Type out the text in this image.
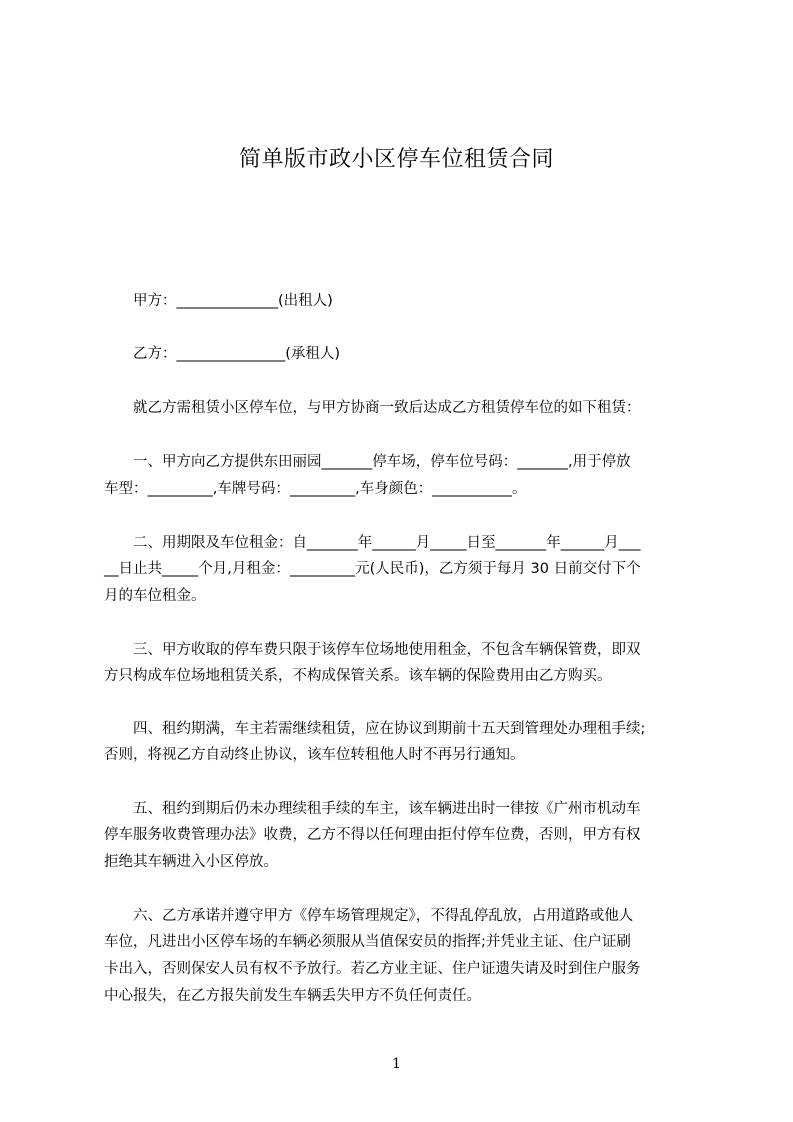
简单版市政小区停车位租赁合同
　　甲方：______________(出租人)
　　乙方：_______________(承租人)
　　就乙方需租赁小区停车位，与甲方协商一致后达成乙方租赁停车位的如下租赁：
　　一、甲方向乙方提供东田丽园_______停车场，停车位号码：_______,用于停放
车型：_________,车牌号码：_________,车身颜色：___________。
　　二、用期限及车位租金：自_______年______月_____日至_______年______月___
__日止共_____个月,月租金：_________元(人民币)，乙方须于每月 30 日前交付下个
月的车位租金。
　　三、甲方收取的停车费只限于该停车位场地使用租金，不包含车辆保管费，即双
方只构成车位场地租赁关系，不构成保管关系。该车辆的保险费用由乙方购买。
　　四、租约期满，车主若需继续租赁，应在协议到期前十五天到管理处办理租手续;
否则，将视乙方自动终止协议，该车位转租他人时不再另行通知。
　　五、租约到期后仍未办理续租手续的车主，该车辆进出时一律按《广州市机动车
停车服务收费管理办法》收费，乙方不得以任何理由拒付停车位费，否则，甲方有权
拒绝其车辆进入小区停放。
　　六、乙方承诺并遵守甲方《停车场管理规定》，不得乱停乱放，占用道路或他人
车位，凡进出小区停车场的车辆必须服从当值保安员的指挥;并凭业主证、住户证刷
卡出入，否则保安人员有权不予放行。若乙方业主证、住户证遗失请及时到住户服务
中心报失，在乙方报失前发生车辆丢失甲方不负任何责任。
1
